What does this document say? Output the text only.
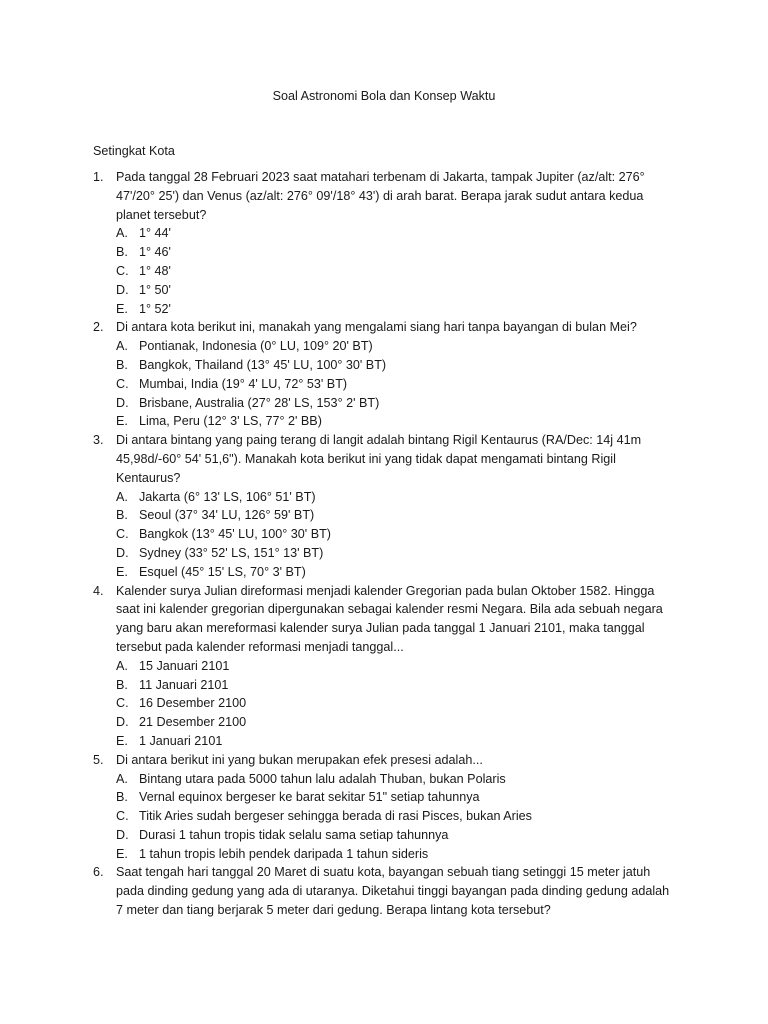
Soal Astronomi Bola dan Konsep Waktu
Setingkat Kota
1. Pada tanggal 28 Februari 2023 saat matahari terbenam di Jakarta, tampak Jupiter (az/alt: 276° 47'/20° 25') dan Venus (az/alt: 276° 09'/18° 43') di arah barat. Berapa jarak sudut antara kedua planet tersebut?
A. 1° 44'
B. 1° 46'
C. 1° 48'
D. 1° 50'
E. 1° 52'
2. Di antara kota berikut ini, manakah yang mengalami siang hari tanpa bayangan di bulan Mei?
A. Pontianak, Indonesia (0° LU, 109° 20' BT)
B. Bangkok, Thailand (13° 45' LU, 100° 30' BT)
C. Mumbai, India (19° 4' LU, 72° 53' BT)
D. Brisbane, Australia (27° 28' LS, 153° 2' BT)
E. Lima, Peru (12° 3' LS, 77° 2' BB)
3. Di antara bintang yang paing terang di langit adalah bintang Rigil Kentaurus (RA/Dec: 14j 41m 45,98d/-60° 54' 51,6"). Manakah kota berikut ini yang tidak dapat mengamati bintang Rigil Kentaurus?
A. Jakarta (6° 13' LS, 106° 51' BT)
B. Seoul (37° 34' LU, 126° 59' BT)
C. Bangkok (13° 45' LU, 100° 30' BT)
D. Sydney (33° 52' LS, 151° 13' BT)
E. Esquel (45° 15' LS, 70° 3' BT)
4. Kalender surya Julian direformasi menjadi kalender Gregorian pada bulan Oktober 1582. Hingga saat ini kalender gregorian dipergunakan sebagai kalender resmi Negara. Bila ada sebuah negara yang baru akan mereformasi kalender surya Julian pada tanggal 1 Januari 2101, maka tanggal tersebut pada kalender reformasi menjadi tanggal...
A. 15 Januari 2101
B. 11 Januari 2101
C. 16 Desember 2100
D. 21 Desember 2100
E. 1 Januari 2101
5. Di antara berikut ini yang bukan merupakan efek presesi adalah...
A. Bintang utara pada 5000 tahun lalu adalah Thuban, bukan Polaris
B. Vernal equinox bergeser ke barat sekitar 51" setiap tahunnya
C. Titik Aries sudah bergeser sehingga berada di rasi Pisces, bukan Aries
D. Durasi 1 tahun tropis tidak selalu sama setiap tahunnya
E. 1 tahun tropis lebih pendek daripada 1 tahun sideris
6. Saat tengah hari tanggal 20 Maret di suatu kota, bayangan sebuah tiang setinggi 15 meter jatuh pada dinding gedung yang ada di utaranya. Diketahui tinggi bayangan pada dinding gedung adalah 7 meter dan tiang berjarak 5 meter dari gedung. Berapa lintang kota tersebut?
